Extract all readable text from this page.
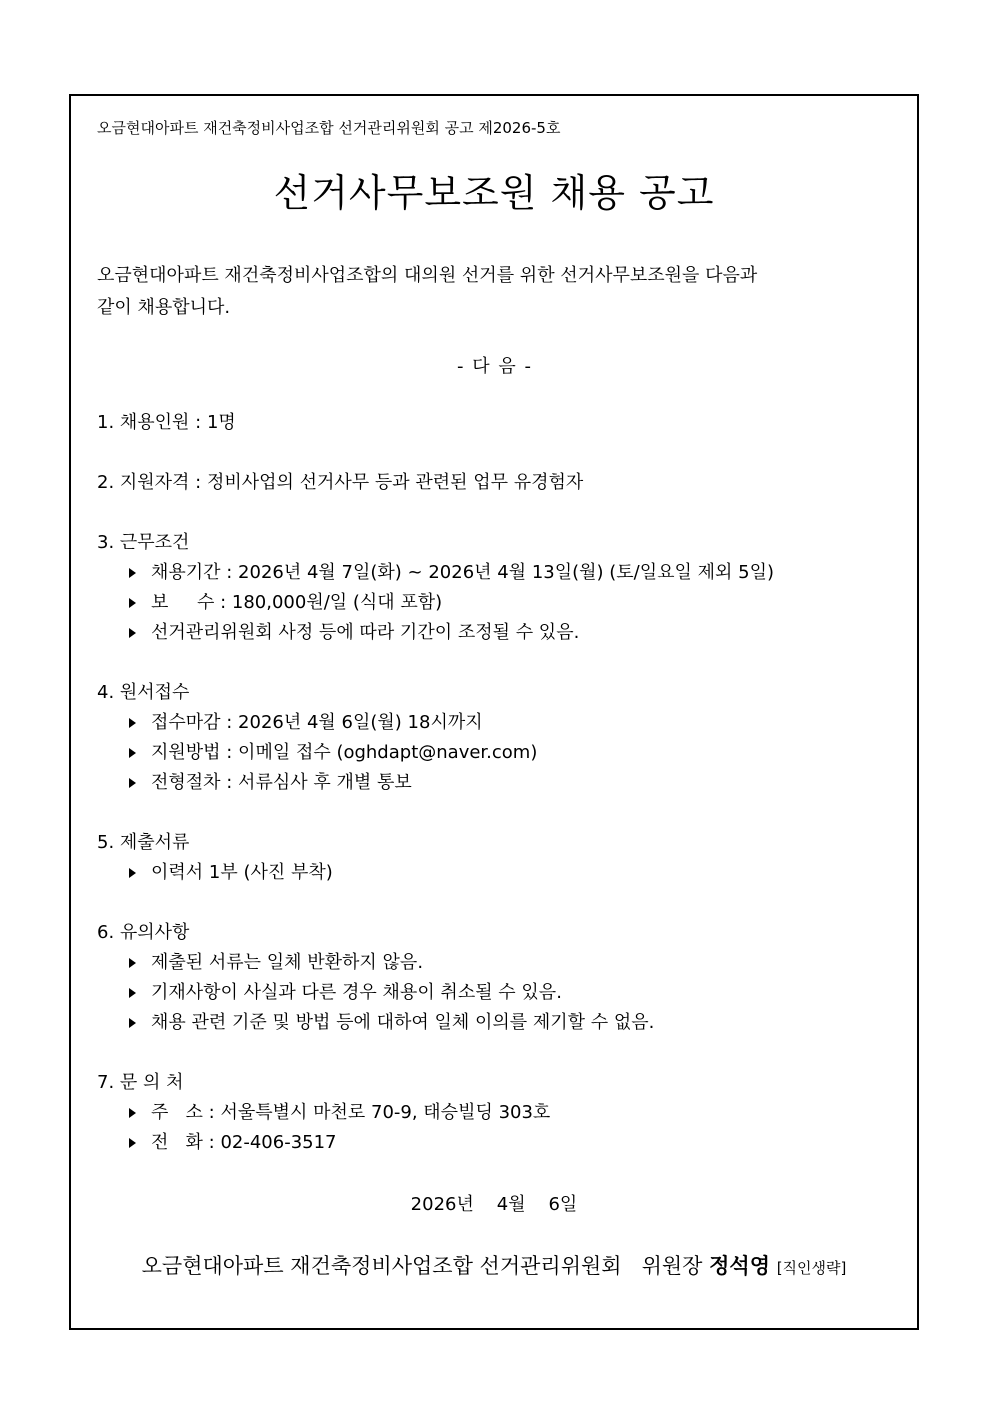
오금현대아파트 재건축정비사업조합 선거관리위원회 공고 제2026-5호
선거사무보조원 채용 공고
오금현대아파트 재건축정비사업조합의 대의원 선거를 위한 선거사무보조원을 다음과
같이 채용합니다.
- 다 음 -
1. 채용인원 : 1명
2. 지원자격 : 정비사업의 선거사무 등과 관련된 업무 유경험자
3. 근무조건
채용기간 : 2026년 4월 7일(화) ~ 2026년 4월 13일(월) (토/일요일 제외 5일)
보     수 : 180,000원/일 (식대 포함)
선거관리위원회 사정 등에 따라 기간이 조정될 수 있음.
4. 원서접수
접수마감 : 2026년 4월 6일(월) 18시까지
지원방법 : 이메일 접수 (oghdapt@naver.com)
전형절차 : 서류심사 후 개별 통보
5. 제출서류
이력서 1부 (사진 부착)
6. 유의사항
제출된 서류는 일체 반환하지 않음.
기재사항이 사실과 다른 경우 채용이 취소될 수 있음.
채용 관련 기준 및 방법 등에 대하여 일체 이의를 제기할 수 없음.
7. 문 의 처
주   소 : 서울특별시 마천로 70-9, 태승빌딩 303호
전   화 : 02-406-3517
2026년    4월    6일
오금현대아파트 재건축정비사업조합 선거관리위원회 위원장 정석영 [직인생략]
